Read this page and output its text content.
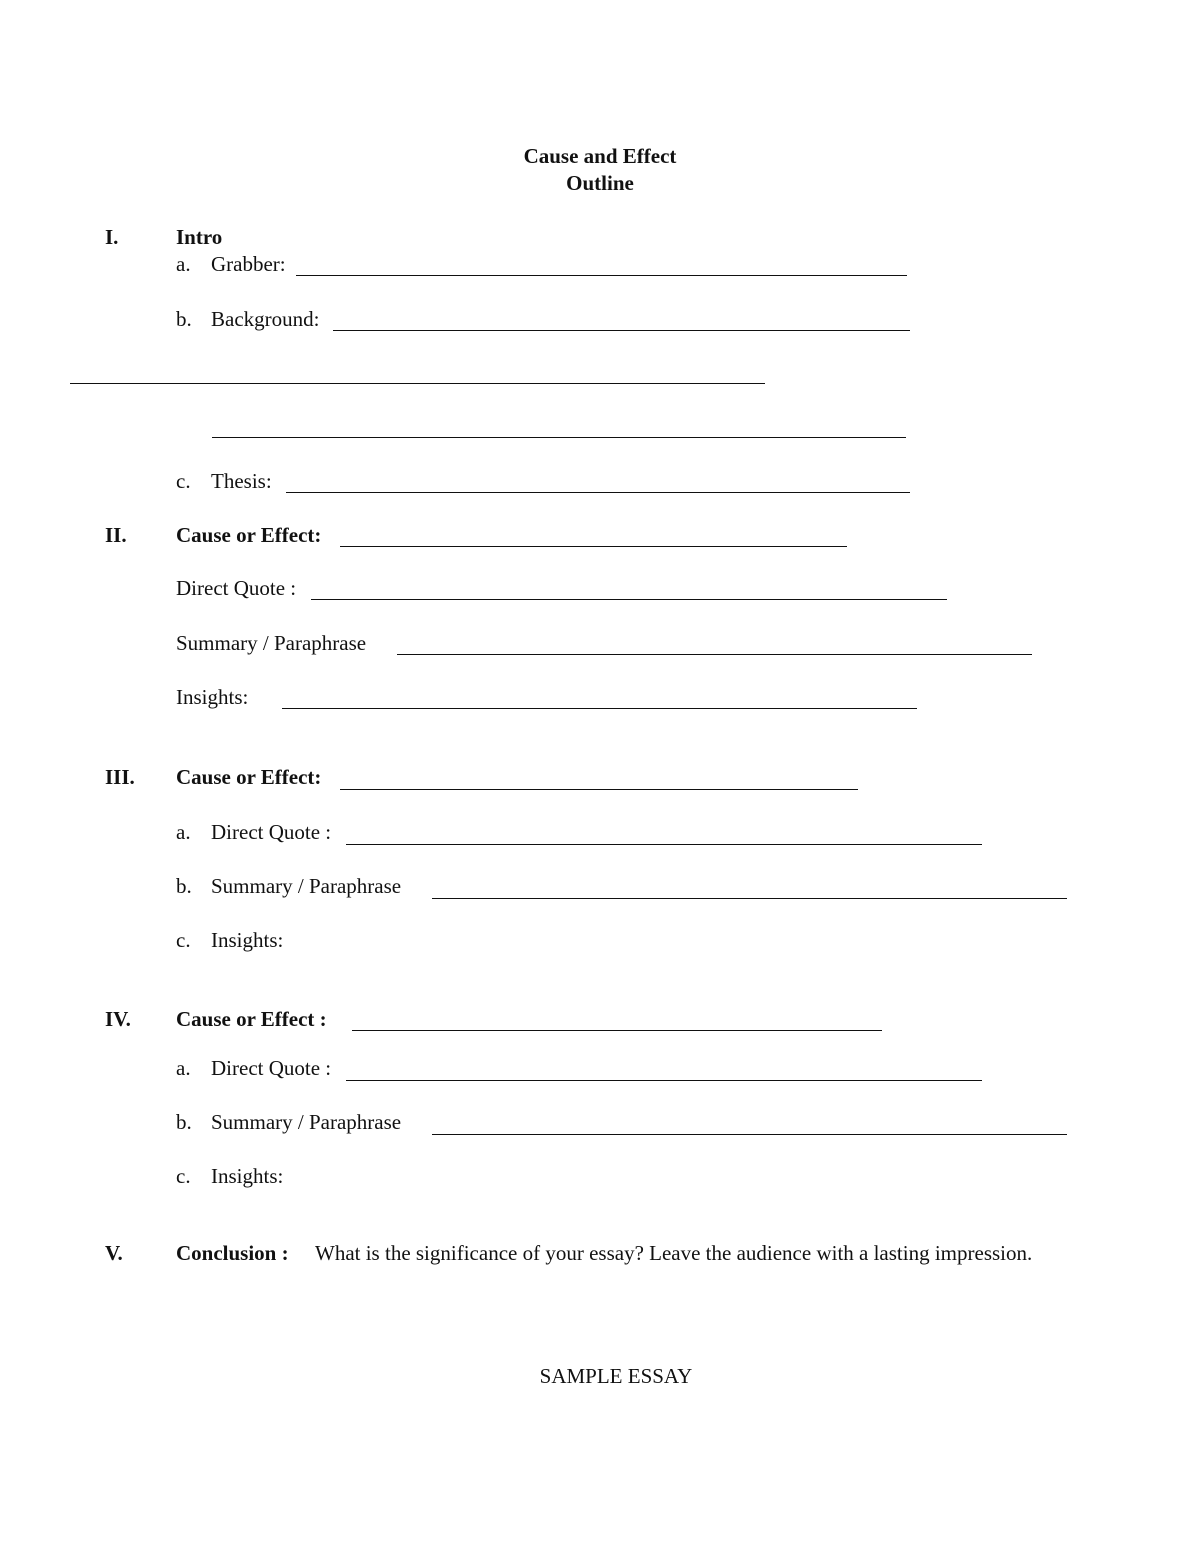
Cause and Effect
Outline
I.	Intro
a. Grabber:
b. Background:
c. Thesis:
II. Cause or Effect:
Direct Quote :
Summary / Paraphrase
Insights:
III. Cause or Effect:
a. Direct Quote :
b. Summary / Paraphrase
c. Insights:
IV. Cause or Effect :
a. Direct Quote :
b. Summary / Paraphrase
c. Insights:
V.	Conclusion : What is the significance of your essay? Leave the audience with a lasting impression.
SAMPLE ESSAY
